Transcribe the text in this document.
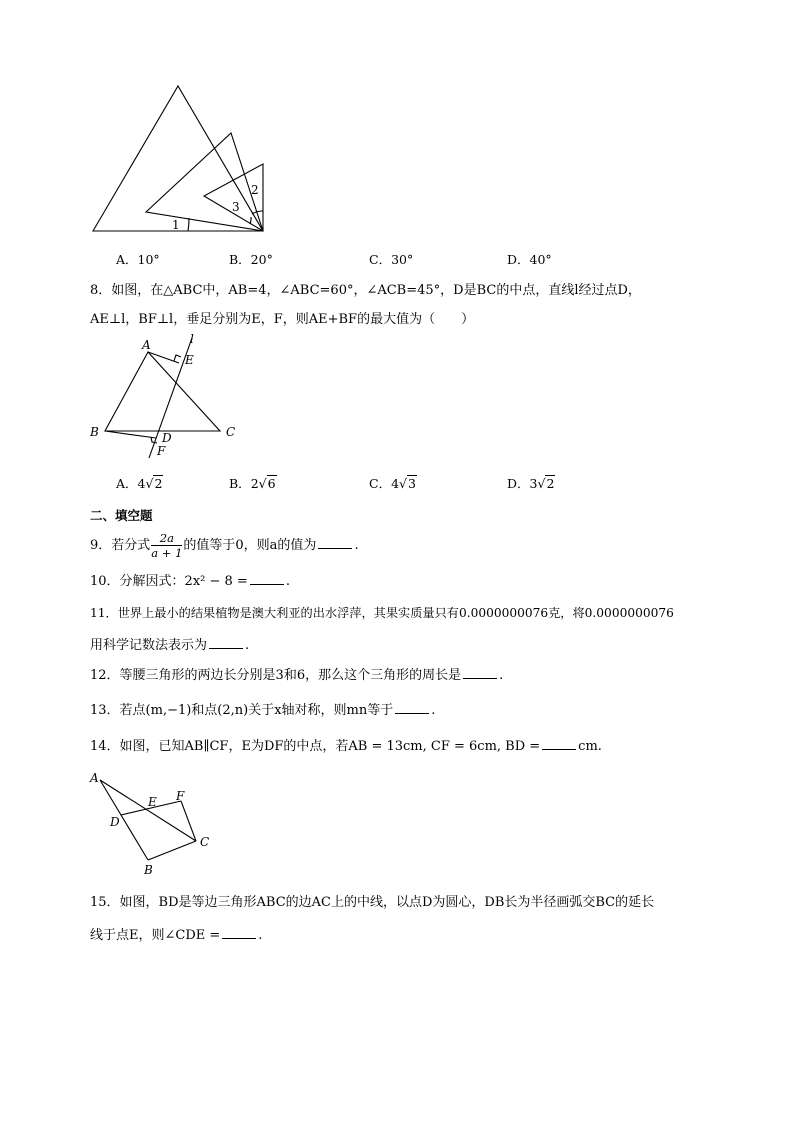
1
2
3
A．10°	B．20°	C．30°	D．40°
8．如图，在△ABC中，AB=4，∠ABC=60°，∠ACB=45°，D是BC的中点，直线l经过点D，
AE⊥l，BF⊥l，垂足分别为E，F，则AE+BF的最大值为（　　）
A
B	C
D
E
F
l
A．4√2	B．2√6	C．4√3	D．3√2
二、填空题
9．若分式 $\frac{2a}{a + 1}$ 的值等于0，则a的值为	.
10．分解因式：2x² − 8 =	.
11．世界上最小的结果植物是澳大利亚的出水浮萍，其果实质量只有0.0000000076克，将0.0000000076
用科学记数法表示为	.
12．等腰三角形的两边长分别是3和6，那么这个三角形的周长是	.
13．若点(m,−1)和点(2,n)关于x轴对称，则mn等于	.
14．如图，已知AB∥CF，E为DF的中点，若AB = 13cm, CF = 6cm, BD =	cm.
A
B
C
D
E F
15．如图，BD是等边三角形ABC的边AC上的中线，以点D为圆心，DB长为半径画弧交BC的延长
线于点E，则∠CDE =	.
